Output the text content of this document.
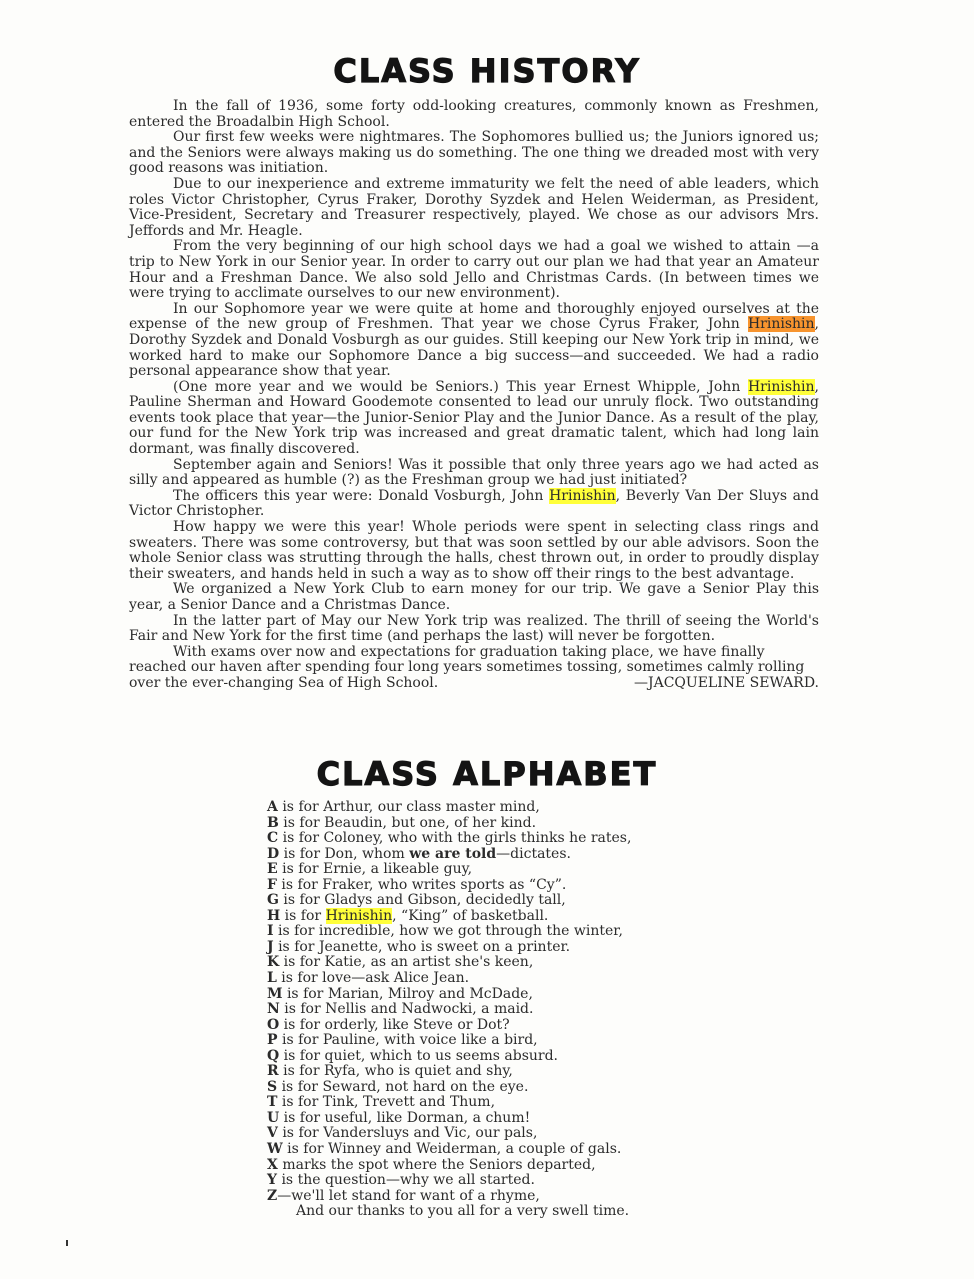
CLASS HISTORY

In the fall of 1936, some forty odd-looking creatures, commonly known as Freshmen, entered the Broadalbin High School.

Our first few weeks were nightmares. The Sophomores bullied us; the Juniors ignored us; and the Seniors were always making us do something. The one thing we dreaded most with very good reasons was initiation.

Due to our inexperience and extreme immaturity we felt the need of able leaders, which roles Victor Christopher, Cyrus Fraker, Dorothy Syzdek and Helen Weiderman, as President, Vice-President, Secretary and Treasurer respectively, played. We chose as our advisors Mrs. Jeffords and Mr. Heagle.

From the very beginning of our high school days we had a goal we wished to attain —a trip to New York in our Senior year. In order to carry out our plan we had that year an Amateur Hour and a Freshman Dance. We also sold Jello and Christmas Cards. (In between times we were trying to acclimate ourselves to our new environment).

In our Sophomore year we were quite at home and thoroughly enjoyed ourselves at the expense of the new group of Freshmen. That year we chose Cyrus Fraker, John Hrinishin, Dorothy Syzdek and Donald Vosburgh as our guides. Still keeping our New York trip in mind, we worked hard to make our Sophomore Dance a big success—and succeeded. We had a radio personal appearance show that year.

(One more year and we would be Seniors.) This year Ernest Whipple, John Hrinishin, Pauline Sherman and Howard Goodemote consented to lead our unruly flock. Two outstanding events took place that year—the Junior-Senior Play and the Junior Dance. As a result of the play, our fund for the New York trip was increased and great dramatic talent, which had long lain dormant, was finally discovered.

September again and Seniors! Was it possible that only three years ago we had acted as silly and appeared as humble (?) as the Freshman group we had just initiated?

The officers this year were: Donald Vosburgh, John Hrinishin, Beverly Van Der Sluys and Victor Christopher.

How happy we were this year! Whole periods were spent in selecting class rings and sweaters. There was some controversy, but that was soon settled by our able advisors. Soon the whole Senior class was strutting through the halls, chest thrown out, in order to proudly display their sweaters, and hands held in such a way as to show off their rings to the best advantage.

We organized a New York Club to earn money for our trip. We gave a Senior Play this year, a Senior Dance and a Christmas Dance.

In the latter part of May our New York trip was realized. The thrill of seeing the World's Fair and New York for the first time (and perhaps the last) will never be forgotten.

With exams over now and expectations for graduation taking place, we have finally reached our haven after spending four long years sometimes tossing, sometimes calmly rolling over the ever-changing Sea of High School.	—JACQUELINE SEWARD.

CLASS ALPHABET
A is for Arthur, our class master mind,
B is for Beaudin, but one, of her kind.
C is for Coloney, who with the girls thinks he rates,
D is for Don, whom we are told—dictates.
E is for Ernie, a likeable guy,
F is for Fraker, who writes sports as “Cy”.
G is for Gladys and Gibson, decidedly tall,
H is for Hrinishin, “King” of basketball.
I is for incredible, how we got through the winter,
J is for Jeanette, who is sweet on a printer.
K is for Katie, as an artist she's keen,
L is for love—ask Alice Jean.
M is for Marian, Milroy and McDade,
N is for Nellis and Nadwocki, a maid.
O is for orderly, like Steve or Dot?
P is for Pauline, with voice like a bird,
Q is for quiet, which to us seems absurd.
R is for Ryfa, who is quiet and shy,
S is for Seward, not hard on the eye.
T is for Tink, Trevett and Thum,
U is for useful, like Dorman, a chum!
V is for Vandersluys and Vic, our pals,
W is for Winney and Weiderman, a couple of gals.
X marks the spot where the Seniors departed,
Y is the question—why we all started.
Z—we'll let stand for want of a rhyme,
And our thanks to you all for a very swell time.
